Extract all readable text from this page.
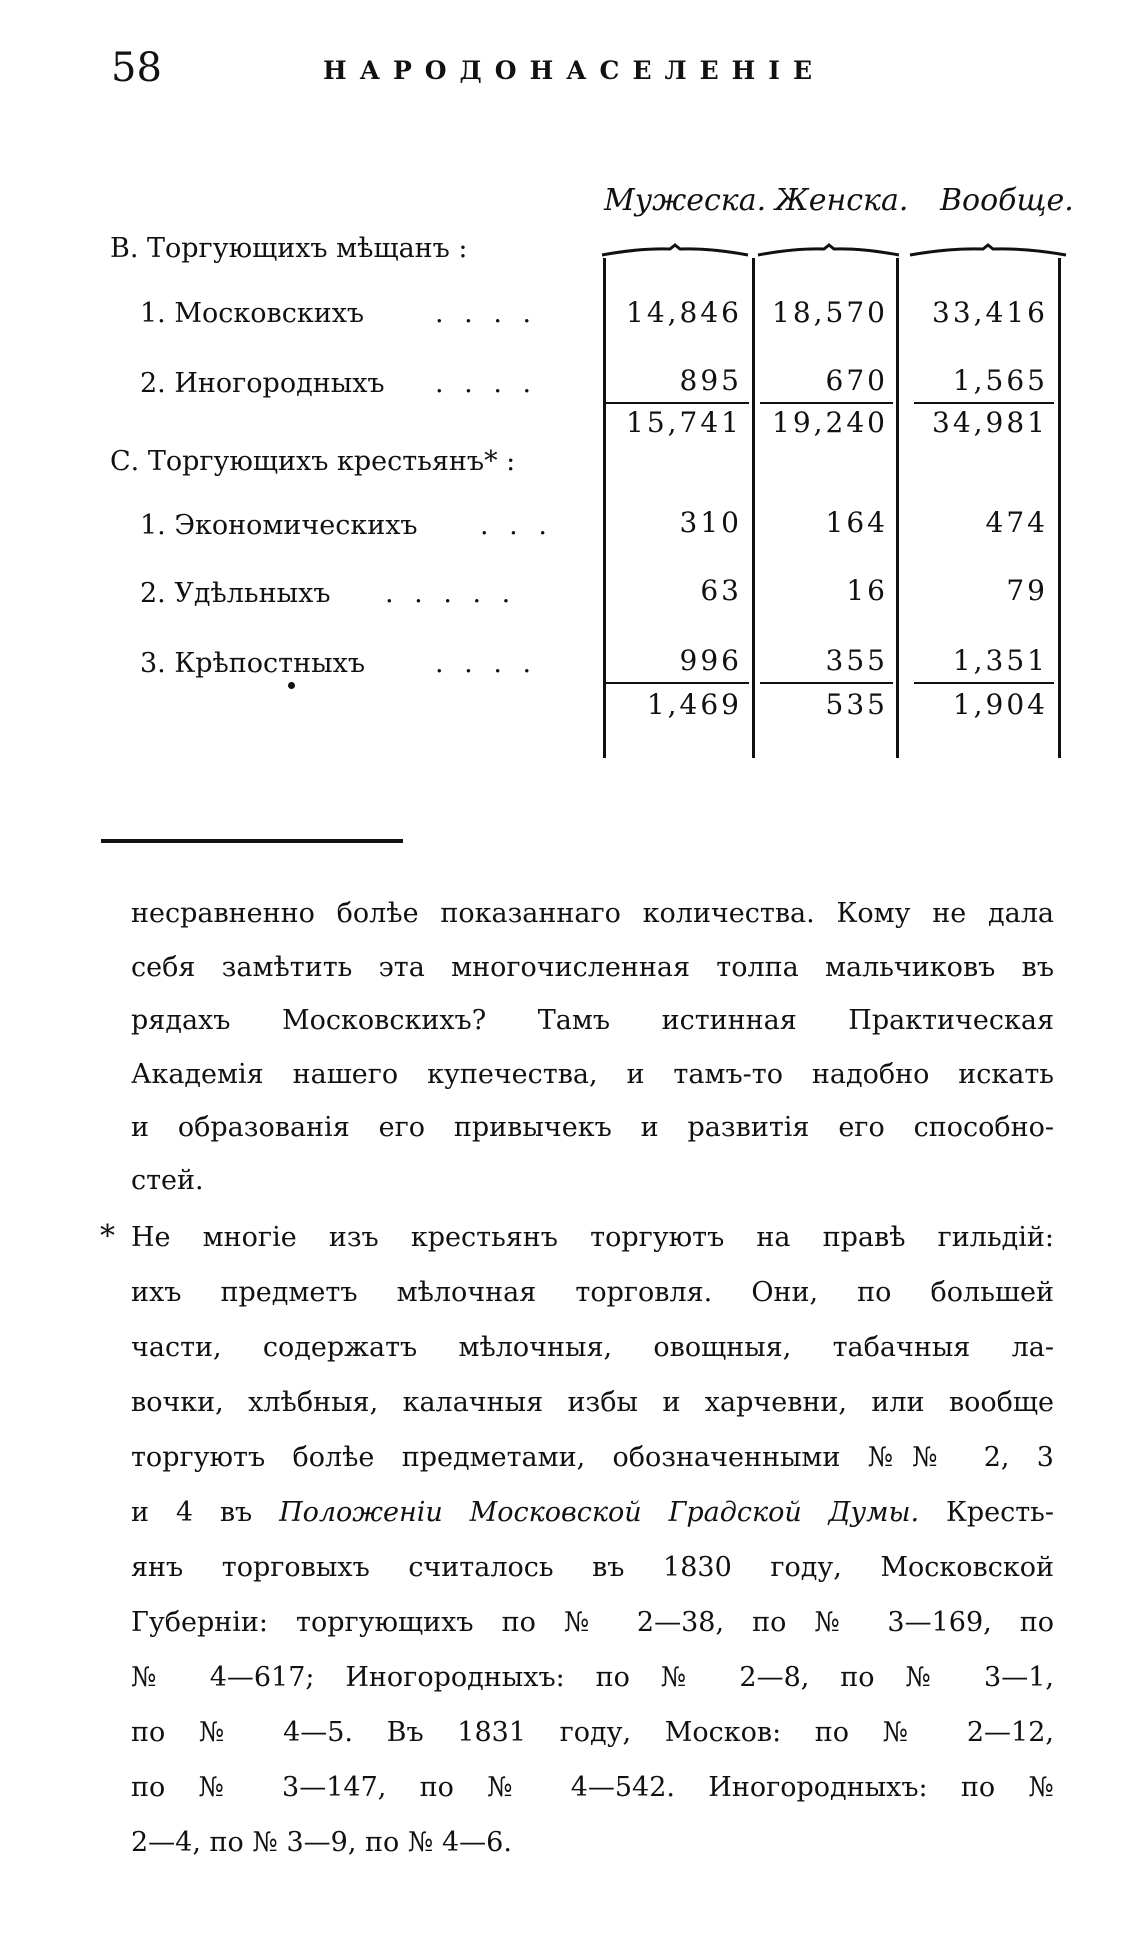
58	НАРОДОНАСЕЛЕНІЕ
Мужеска. Женска. Вообще.
В. Торгующихъ мѣщанъ :
1. Московскихъ	. . . .	14,846	18,570	33,416
2. Иногородныхъ . . . .	895	670	1,565
15,741	19,240	34,981
С. Торгующихъ крестьянъ* :
1. Экономическихъ . . .	310	164	474
2. Удѣльныхъ . . . . .	63	16	79
3. Крѣпостныхъ	. . . .	996	355	1,351
1,469	535	1,904
несравненно болѣе показаннаго количества. Кому не дала
себя замѣтить эта многочисленная толпа мальчиковъ въ
рядахъ Московскихъ? Тамъ истинная Практическая
Академія нашего купечества, и тамъ-то надобно искать
и образованія его привычекъ и развитія его способно-
стей.
* Не многіе изъ крестьянъ торгуютъ на правѣ гильдій:
ихъ предметъ мѣлочная торговля. Они, по большей
части, содержатъ мѣлочныя, овощныя, табачныя ла-
вочки, хлѣбныя, калачныя избы и харчевни, или вообще
торгуютъ болѣе предметами, обозначенными №№ 2, 3
и 4 въ Положеніи Московской Градской Думы. Кресть-
янъ торговыхъ считалось въ 1830 году, Московской
Губерніи: торгующихъ по № 2—38, по № 3—169, по
№ 4—617; Иногородныхъ: по № 2—8, по № 3—1,
по № 4—5. Въ 1831 году, Москов: по № 2—12,
по № 3—147, по № 4—542. Иногородныхъ: по №
2—4, по № 3—9, по № 4—6.
